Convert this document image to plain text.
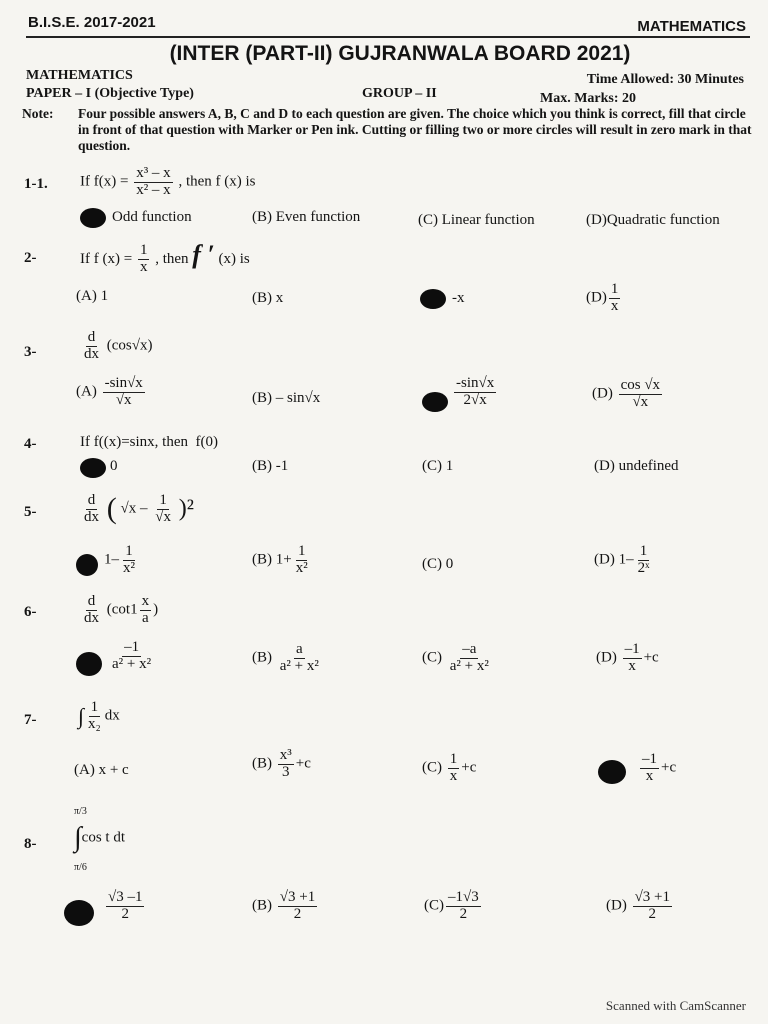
B.I.S.E. 2017-2021	MATHEMATICS
(INTER (PART-II) GUJRANWALA BOARD 2021)
MATHEMATICS
PAPER – I (Objective Type)	GROUP – II
Time Allowed: 30 Minutes
Max. Marks: 20
Note: Four possible answers A, B, C and D to each question are given. The choice which you think is correct, fill that circle in front of that question with Marker or Pen ink. Cutting or filling two or more circles will result in zero mark in that question.
1-1. If $f(x) = \frac{\text{x³ – x}}{\text{x² – x}}$ , then f (x) is
Odd function	(B) Even function	(C) Linear function	(D)Quadratic function
2-	If f $(x) = \frac{1}{x}$ , then f ′ (x) is
(A) 1	(B) x	-x	$(D) \frac{1}{x}$
3-	$\frac{d}{dx} (\cos√x)$
$(A) \frac{-\sin√x}{√x}$	(B) – sin√x	$\frac{-\sin√x}{2√x}$	$(D) \frac{\cos √x}{√x}$
4-	If f((x)=sinx, then f(0)
0	(B) -1	(C) 1	(D) undefined
5-	$\frac{d}{dx}$ ( $√x - \frac{1}{√x} )^2$
$1- \frac{1}{\text{x²}}$	(B) $1+ \frac{1}{\text{x²}}$	(C) 0	(D) $1- \frac{1}{\text{2ˣ}}$
6-	$\frac{d}{dx} (\cot 1 \frac{x}{a}$ )
$\frac{-1}{\text{a² + x²}}$	$(B) \frac{a}{\text{a² + x²}}$	$(C) \frac{-a}{\text{a² + x²}}$	$(D) \frac{-1}{x} +c$
7- ∫ $\frac{1}{\text{x₂}}$ dx
(A) x + c	$(B) \frac{\text{x³}}{3} +c$	$(C) \frac{1}{x} +c$	$\frac{-1}{x} +c$
8-
π/3
∫cos t dt
π/6
$\frac{√3 -1}{2}$	$(B) \frac{√3 +1}{2}$	$(C) \frac{-1√3}{2}$	$(D) \frac{√3 +1}{2}$
Scanned with CamScanner
